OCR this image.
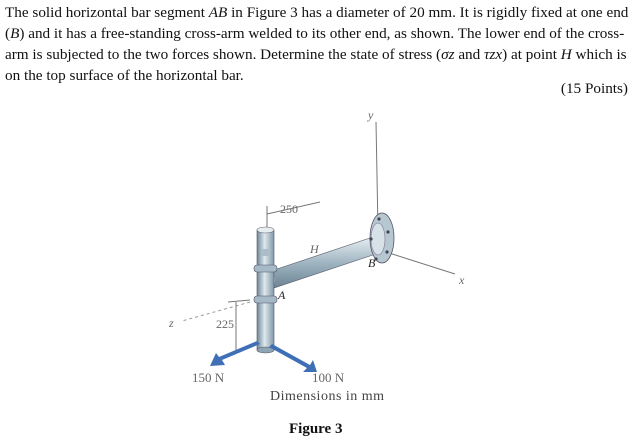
The solid horizontal bar segment AB in Figure 3 has a diameter of 20 mm. It is rigidly fixed at one end (B) and it has a free-standing cross-arm welded to its other end, as shown. The lower end of the cross-arm is subjected to the two forces shown. Determine the state of stress (σz and τzx) at point H which is on the top surface of the horizontal bar.
(15 Points)
y
x
z
250
225
H
A
B
150 N	100 N
Dimensions in mm
Figure 3
